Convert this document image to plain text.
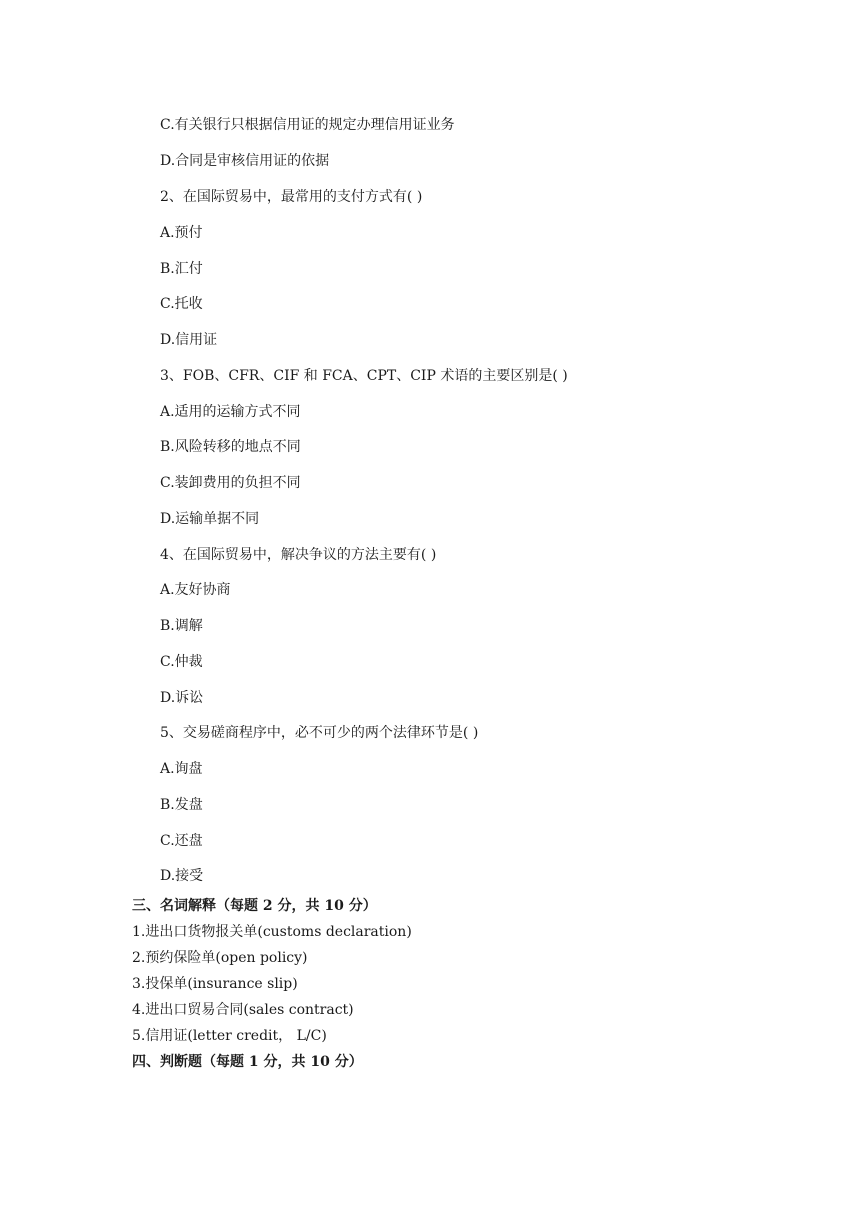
C.有关银行只根据信用证的规定办理信用证业务
D.合同是审核信用证的依据
2、在国际贸易中，最常用的支付方式有( )
A.预付
B.汇付
C.托收
D.信用证
3、FOB、CFR、CIF 和 FCA、CPT、CIP 术语的主要区别是( )
A.适用的运输方式不同
B.风险转移的地点不同
C.装卸费用的负担不同
D.运输单据不同
4、在国际贸易中，解决争议的方法主要有( )
A.友好协商
B.调解
C.仲裁
D.诉讼
5、交易磋商程序中，必不可少的两个法律环节是( )
A.询盘
B.发盘
C.还盘
D.接受
三、名词解释（每题 2 分，共 10 分）
1.进出口货物报关单(customs declaration)
2.预约保险单(open policy)
3.投保单(insurance slip)
4.进出口贸易合同(sales contract)
5.信用证(letter credit， L/C)
四、判断题（每题 1 分，共 10 分）
